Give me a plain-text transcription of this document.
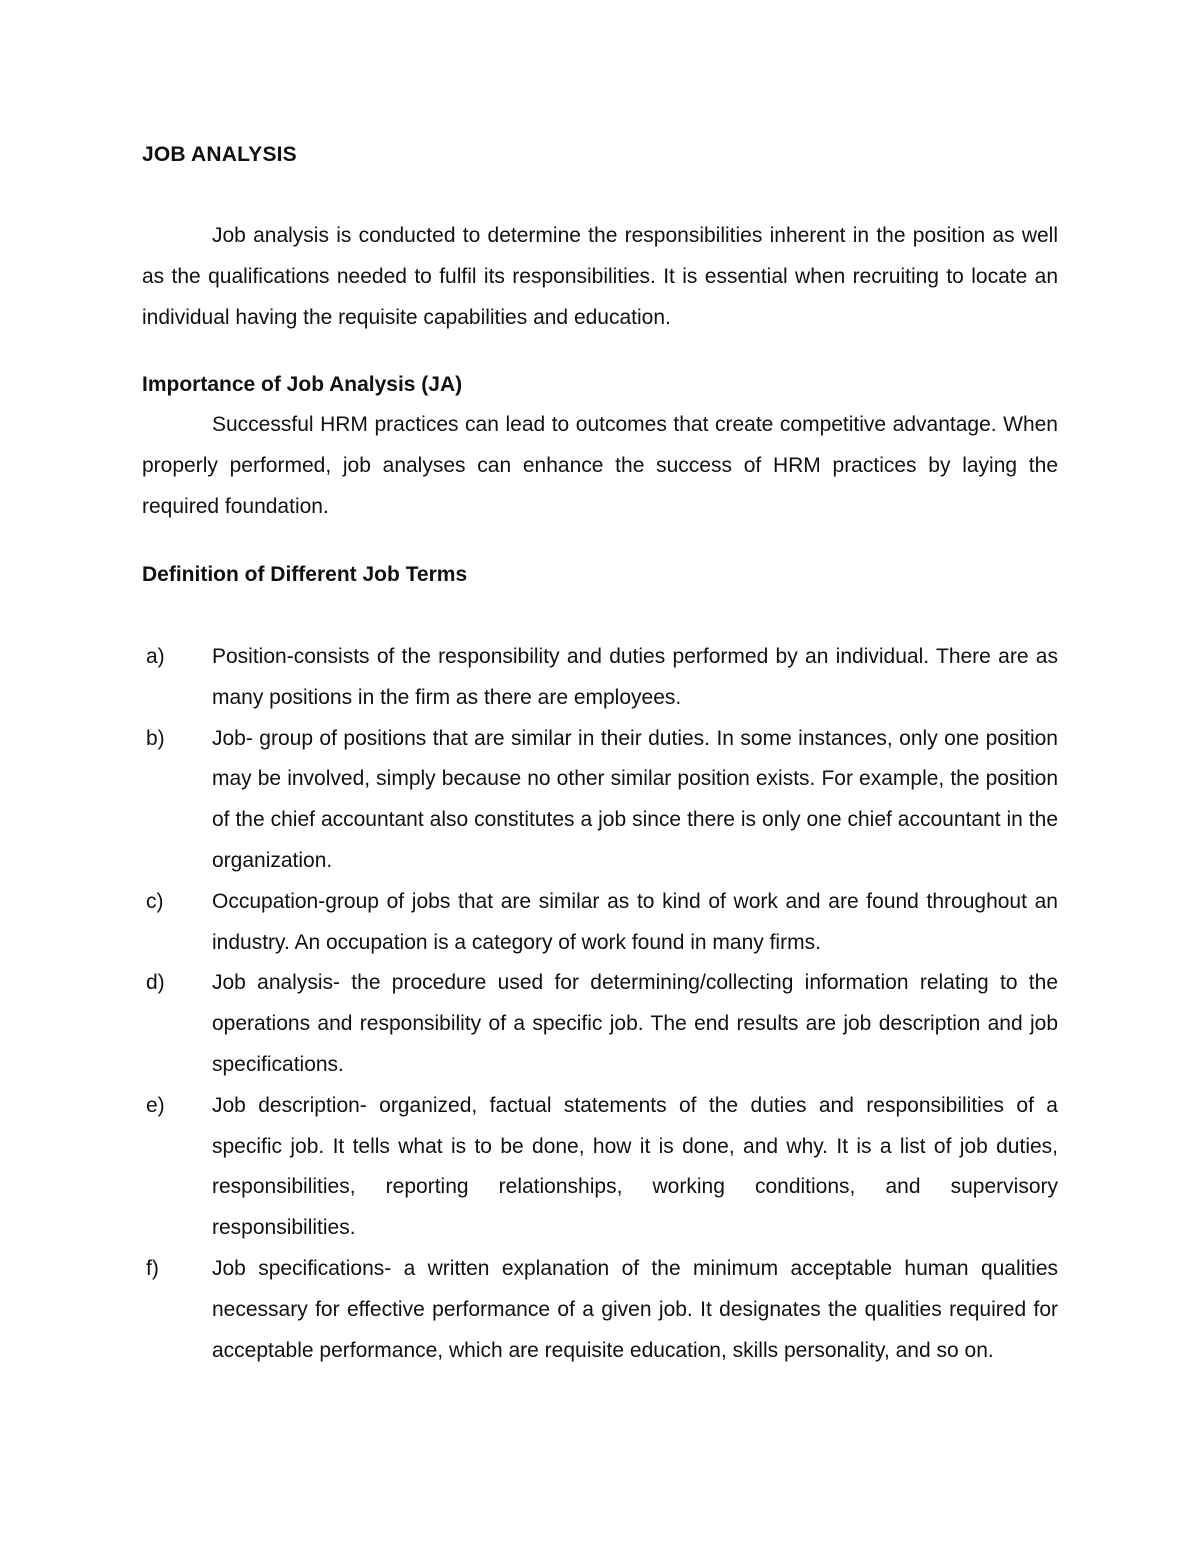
JOB ANALYSIS

Job analysis is conducted to determine the responsibilities inherent in the position as well as the qualifications needed to fulfil its responsibilities. It is essential when recruiting to locate an individual having the requisite capabilities and education.

Importance of Job Analysis (JA)

Successful HRM practices can lead to outcomes that create competitive advantage. When properly performed, job analyses can enhance the success of HRM practices by laying the required foundation.

Definition of Different Job Terms
a)	Position-consists of the responsibility and duties performed by an individual. There are as many positions in the firm as there are employees.
b)	Job- group of positions that are similar in their duties. In some instances, only one position may be involved, simply because no other similar position exists. For example, the position of the chief accountant also constitutes a job since there is only one chief accountant in the organization.
c)	Occupation-group of jobs that are similar as to kind of work and are found throughout an industry. An occupation is a category of work found in many firms.
d)	Job analysis- the procedure used for determining/collecting information relating to the operations and responsibility of a specific job. The end results are job description and job specifications.
e)	Job description- organized, factual statements of the duties and responsibilities of a specific job. It tells what is to be done, how it is done, and why. It is a list of job duties, responsibilities, reporting relationships, working conditions, and supervisory responsibilities.
f)	Job specifications- a written explanation of the minimum acceptable human qualities necessary for effective performance of a given job. It designates the qualities required for acceptable performance, which are requisite education, skills personality, and so on.
